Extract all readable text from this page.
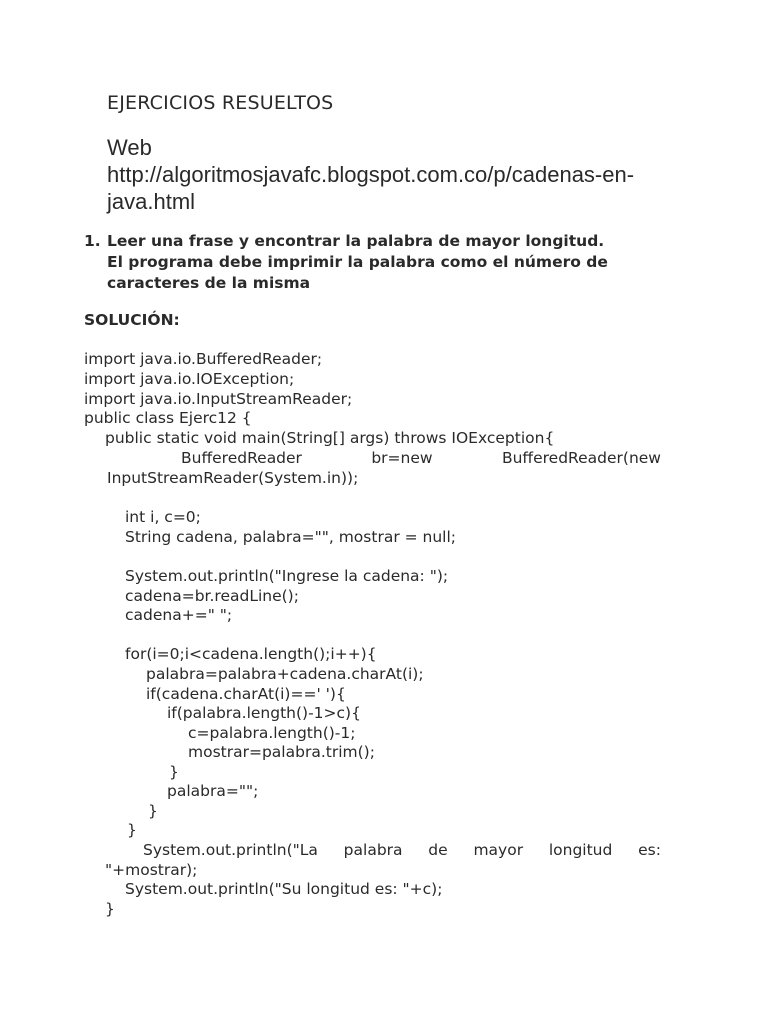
EJERCICIOS RESUELTOS
Web
http://algoritmosjavafc.blogspot.com.co/p/cadenas-en-
java.html
1. Leer una frase y encontrar la palabra de mayor longitud.
El programa debe imprimir la palabra como el número de
caracteres de la misma
SOLUCIÓN:
import java.io.BufferedReader;
import java.io.IOException;
import java.io.InputStreamReader;
public class Ejerc12 {
public static void main(String[] args) throws IOException{
BufferedReader	br=new	BufferedReader(new
InputStreamReader(System.in));
int i, c=0;
String cadena, palabra="", mostrar = null;
System.out.println("Ingrese la cadena: ");
cadena=br.readLine();
cadena+=" ";
for(i=0;i<cadena.length();i++){
palabra=palabra+cadena.charAt(i);
if(cadena.charAt(i)==' '){
if(palabra.length()-1>c){
c=palabra.length()-1;
mostrar=palabra.trim();
}
palabra="";
}
}
System.out.println("La palabra de mayor longitud es:
"+mostrar);
System.out.println("Su longitud es: "+c);
}
